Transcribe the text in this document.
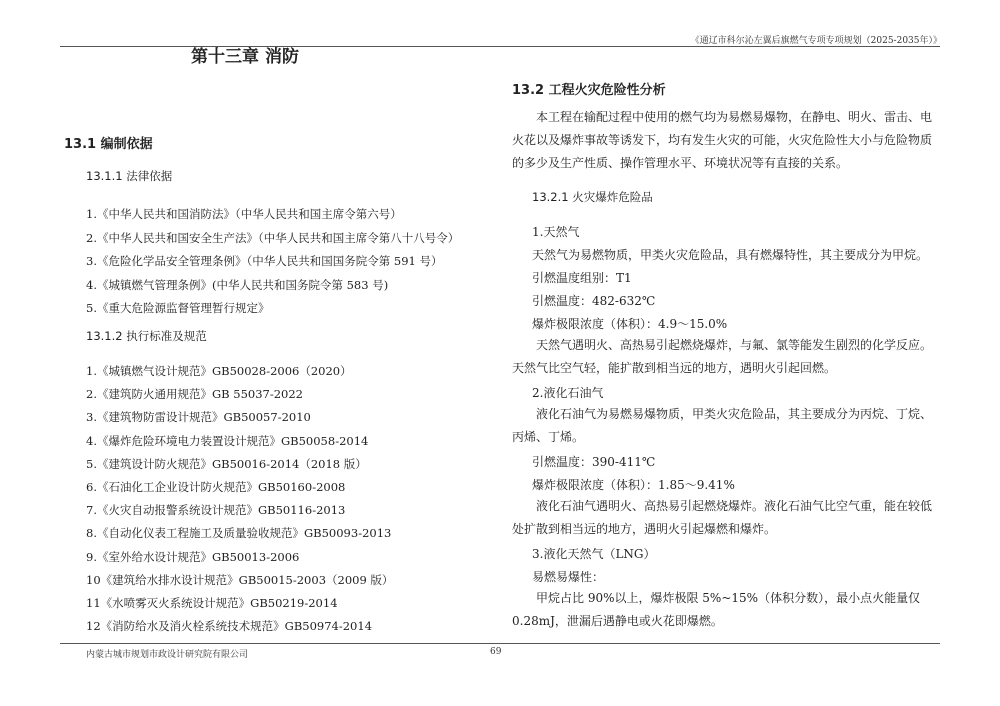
《通辽市科尔沁左翼后旗燃气专项专项规划（2025-2035年）》
第十三章 消防
13.1 编制依据
13.1.1 法律依据
1.《中华人民共和国消防法》（中华人民共和国主席令第六号）
2.《中华人民共和国安全生产法》（中华人民共和国主席令第八十八号令）
3.《危险化学品安全管理条例》（中华人民共和国国务院令第 591 号）
4.《城镇燃气管理条例》(中华人民共和国务院令第 583 号)
5.《重大危险源监督管理暂行规定》
13.1.2 执行标准及规范
1.《城镇燃气设计规范》GB50028-2006（2020）
2.《建筑防火通用规范》GB 55037-2022
3.《建筑物防雷设计规范》GB50057-2010
4.《爆炸危险环境电力装置设计规范》GB50058-2014
5.《建筑设计防火规范》GB50016-2014（2018 版）
6.《石油化工企业设计防火规范》GB50160-2008
7.《火灾自动报警系统设计规范》GB50116-2013
8.《自动化仪表工程施工及质量验收规范》GB50093-2013
9.《室外给水设计规范》GB50013-2006
10《建筑给水排水设计规范》GB50015-2003（2009 版）
11《水喷雾灭火系统设计规范》GB50219-2014
12《消防给水及消火栓系统技术规范》GB50974-2014
13.2 工程火灾危险性分析

本工程在输配过程中使用的燃气均为易燃易爆物，在静电、明火、雷击、电火花以及爆炸事故等诱发下，均有发生火灾的可能，火灾危险性大小与危险物质的多少及生产性质、操作管理水平、环境状况等有直接的关系。

13.2.1 火灾爆炸危险品
1.天然气
天然气为易燃物质，甲类火灾危险品，具有燃爆特性，其主要成分为甲烷。
引燃温度组别：T1
引燃温度：482-632℃
爆炸极限浓度（体积）：4.9～15.0%

天然气遇明火、高热易引起燃烧爆炸，与氟、氯等能发生剧烈的化学反应。天然气比空气轻，能扩散到相当远的地方，遇明火引起回燃。

2.液化石油气

液化石油气为易燃易爆物质，甲类火灾危险品，其主要成分为丙烷、丁烷、丙烯、丁烯。

引燃温度：390-411℃
爆炸极限浓度（体积）：1.85～9.41%

液化石油气遇明火、高热易引起燃烧爆炸。液化石油气比空气重，能在较低处扩散到相当远的地方，遇明火引起爆燃和爆炸。

3.液化天然气（LNG）
易燃易爆性：

甲烷占比 90%以上，爆炸极限 5%~15%（体积分数），最小点火能量仅 0.28mJ，泄漏后遇静电或火花即爆燃。

内蒙古城市规划市政设计研究院有限公司	69
